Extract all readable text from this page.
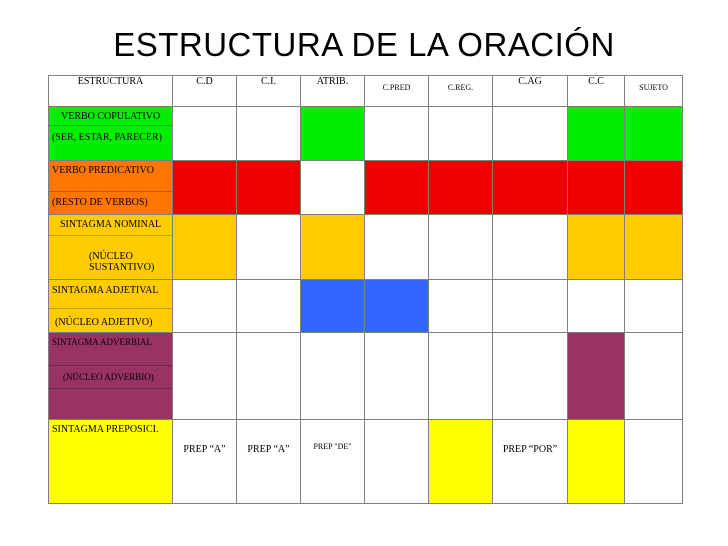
ESTRUCTURA DE LA ORACIÓN
ESTRUCTURA	C.D	C.I.	ATRIB.	C.PRED	C.REG.	C.AG	C.C	SUJETO

VERBO COPULATIVO
(SER, ESTAR, PARECER)								

VERBO PREDICATIVO
(RESTO DE VERBOS)								

SINTAGMA NOMINAL
(NÚCLEO
SUSTANTIVO)								

SINTAGMA ADJETIVAL
(NÚCLEO ADJETIVO)								

SINTAGMA ADVERBIAL
(NÚCLEO ADVERBIO)								

SINTAGMA PREPOSICI.	PREP “A”	PREP “A”	PREP "DE"			PREP “POR”		
